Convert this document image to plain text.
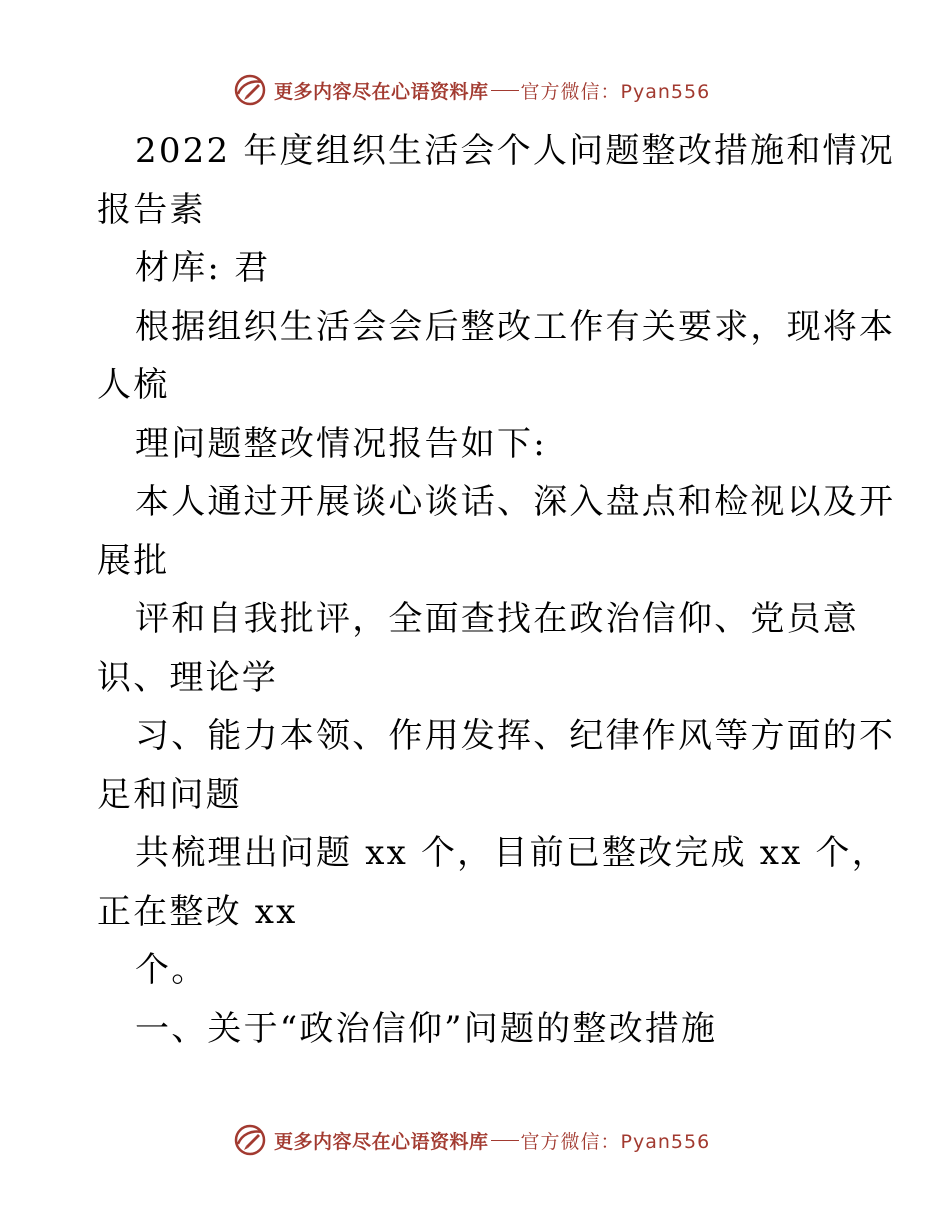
更多内容尽在心语资料库 官方微信：Pyan556

2022 年度组织生活会个人问题整改措施和情况

报告素

材库: 君

根据组织生活会会后整改工作有关要求，现将本

人梳

理问题整改情况报告如下:

本人通过开展谈心谈话、深入盘点和检视以及开

展批

评和自我批评，全面查找在政治信仰、党员意

识、理论学

习、能力本领、作用发挥、纪律作风等方面的不

足和问题

共梳理出问题 xx 个，目前已整改完成 xx 个，

正在整改 xx

个。

一、关于“政治信仰”问题的整改措施

更多内容尽在心语资料库 官方微信：Pyan556
